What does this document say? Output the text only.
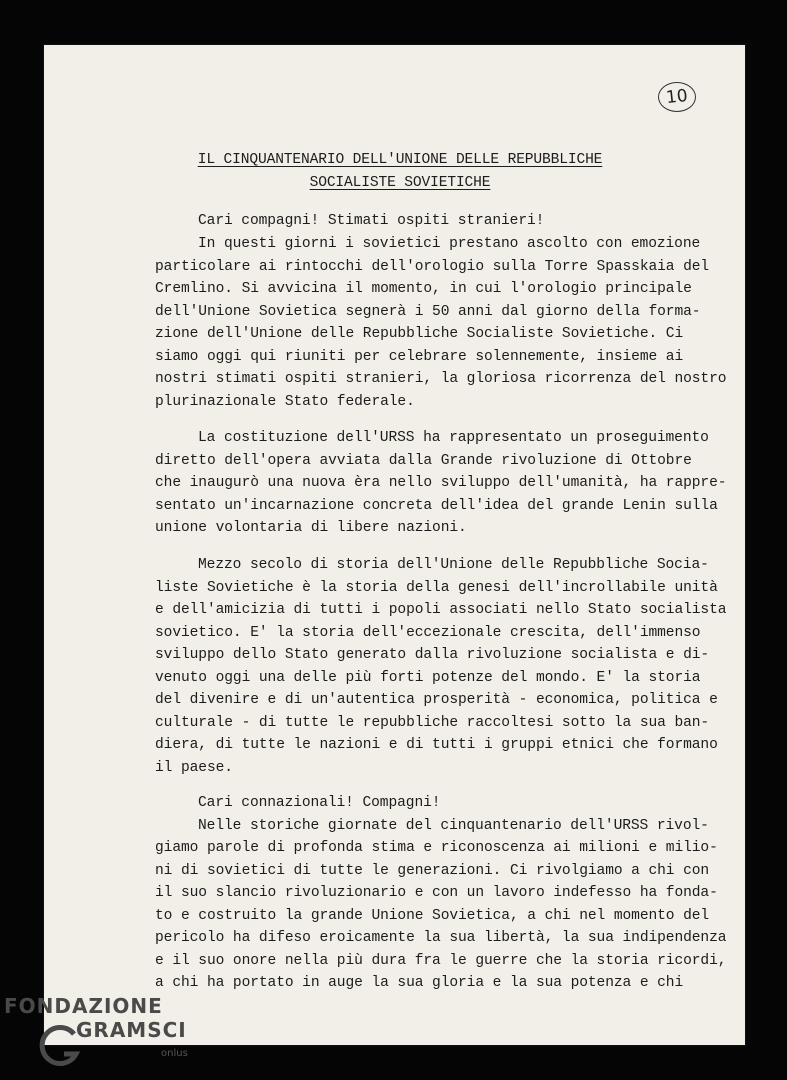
10
IL CINQUANTENARIO DELL'UNIONE DELLE REPUBBLICHE
SOCIALISTE SOVIETICHE
Cari compagni! Stimati ospiti stranieri!
In questi giorni i sovietici prestano ascolto con emozione
particolare ai rintocchi dell'orologio sulla Torre Spasskaia del
Cremlino. Si avvicina il momento, in cui l'orologio principale
dell'Unione Sovietica segnerà i 50 anni dal giorno della forma-
zione dell'Unione delle Repubbliche Socialiste Sovietiche. Ci
siamo oggi qui riuniti per celebrare solennemente, insieme ai
nostri stimati ospiti stranieri, la gloriosa ricorrenza del nostro
plurinazionale Stato federale.
La costituzione dell'URSS ha rappresentato un proseguimento
diretto dell'opera avviata dalla Grande rivoluzione di Ottobre
che inaugurò una nuova èra nello sviluppo dell'umanità, ha rappre-
sentato un'incarnazione concreta dell'idea del grande Lenin sulla
unione volontaria di libere nazioni.
Mezzo secolo di storia dell'Unione delle Repubbliche Socia-
liste Sovietiche è la storia della genesi dell'incrollabile unità
e dell'amicizia di tutti i popoli associati nello Stato socialista
sovietico. E' la storia dell'eccezionale crescita, dell'immenso
sviluppo dello Stato generato dalla rivoluzione socialista e di-
venuto oggi una delle più forti potenze del mondo. E' la storia
del divenire e di un'autentica prosperità - economica, politica e
culturale - di tutte le repubbliche raccoltesi sotto la sua ban-
diera, di tutte le nazioni e di tutti i gruppi etnici che formano
il paese.
Cari connazionali! Compagni!
Nelle storiche giornate del cinquantenario dell'URSS rivol-
giamo parole di profonda stima e riconoscenza ai milioni e milio-
ni di sovietici di tutte le generazioni. Ci rivolgiamo a chi con
il suo slancio rivoluzionario e con un lavoro indefesso ha fonda-
to e costruito la grande Unione Sovietica, a chi nel momento del
pericolo ha difeso eroicamente la sua libertà, la sua indipendenza
e il suo onore nella più dura fra le guerre che la storia ricordi,
a chi ha portato in auge la sua gloria e la sua potenza e chi
FONDAZIONE
GRAMSCI
onlus
